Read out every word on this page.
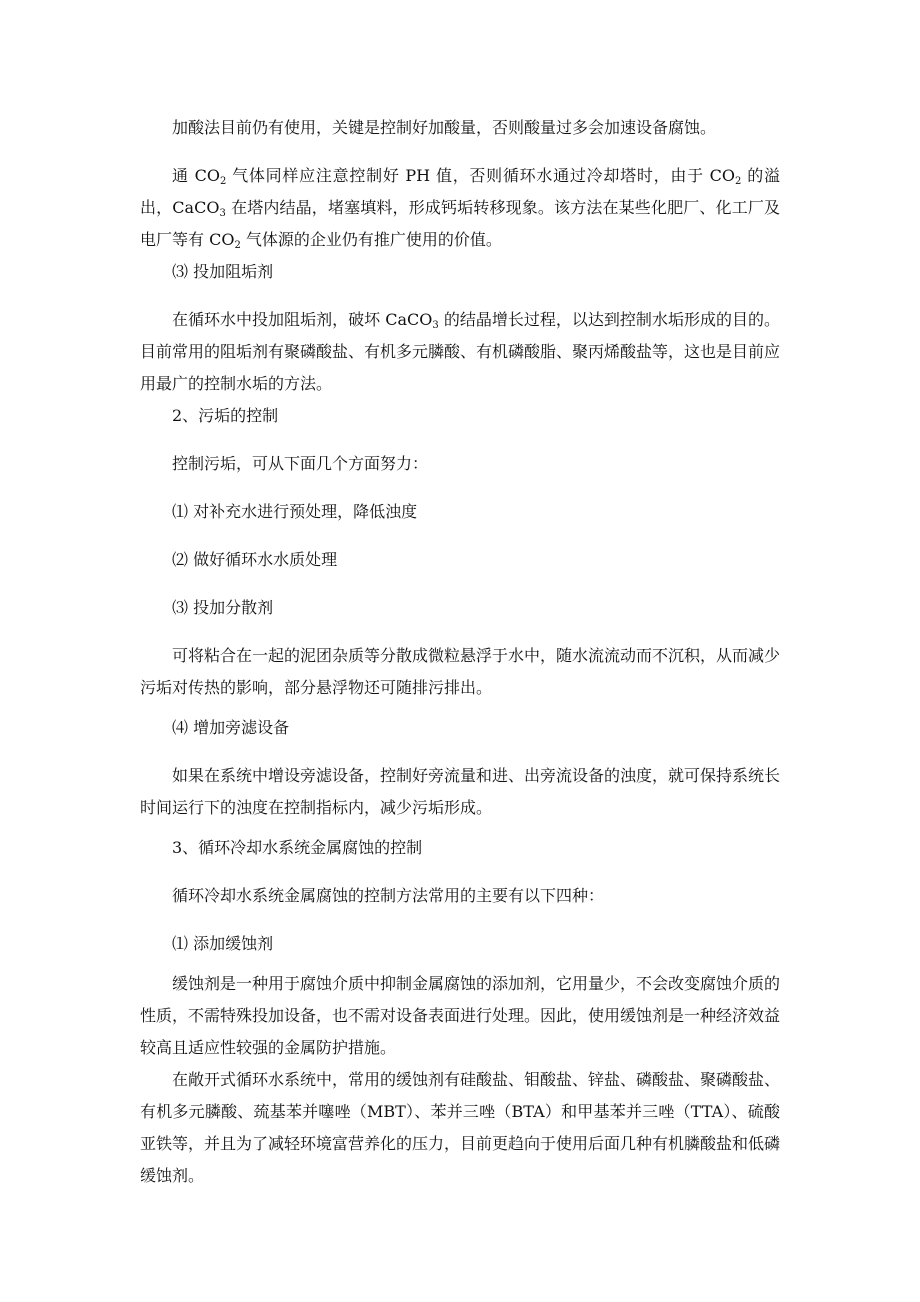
加酸法目前仍有使用，关键是控制好加酸量，否则酸量过多会加速设备腐蚀。
通 $CO_2$ 气体同样应注意控制好 PH 值，否则循环水通过冷却塔时，由于 $CO_2$ 的溢出，CaCO$_3$ 在塔内结晶，堵塞填料，形成钙垢转移现象。该方法在某些化肥厂、化工厂及电厂等有 $CO_2$ 气体源的企业仍有推广使用的价值。
⑶ 投加阻垢剂
在循环水中投加阻垢剂，破坏 CaCO$_3$ 的结晶增长过程，以达到控制水垢形成的目的。目前常用的阻垢剂有聚磷酸盐、有机多元膦酸、有机磷酸脂、聚丙烯酸盐等，这也是目前应用最广的控制水垢的方法。
2、污垢的控制
控制污垢，可从下面几个方面努力：
⑴ 对补充水进行预处理，降低浊度
⑵ 做好循环水水质处理
⑶ 投加分散剂
可将粘合在一起的泥团杂质等分散成微粒悬浮于水中，随水流流动而不沉积，从而减少污垢对传热的影响，部分悬浮物还可随排污排出。
⑷ 增加旁滤设备
如果在系统中增设旁滤设备，控制好旁流量和进、出旁流设备的浊度，就可保持系统长时间运行下的浊度在控制指标内，减少污垢形成。
3、循环冷却水系统金属腐蚀的控制
循环冷却水系统金属腐蚀的控制方法常用的主要有以下四种：
⑴ 添加缓蚀剂
缓蚀剂是一种用于腐蚀介质中抑制金属腐蚀的添加剂，它用量少，不会改变腐蚀介质的性质，不需特殊投加设备，也不需对设备表面进行处理。因此，使用缓蚀剂是一种经济效益较高且适应性较强的金属防护措施。
在敞开式循环水系统中，常用的缓蚀剂有硅酸盐、钼酸盐、锌盐、磷酸盐、聚磷酸盐、有机多元膦酸、巯基苯并噻唑（MBT）、苯并三唑（BTA）和甲基苯并三唑（TTA）、硫酸亚铁等，并且为了减轻环境富营养化的压力，目前更趋向于使用后面几种有机膦酸盐和低磷缓蚀剂。
